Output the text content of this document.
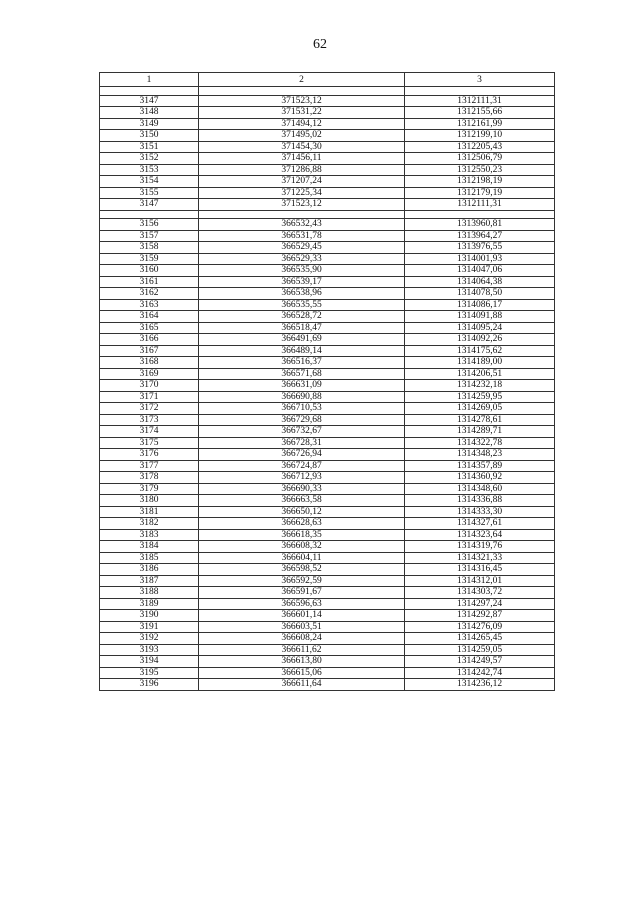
62
1	2	3

3147	371523,12	1312111,31
3148	371531,22	1312155,66
3149	371494,12	1312161,99
3150	371495,02	1312199,10
3151	371454,30	1312205,43
3152	371456,11	1312506,79
3153	371286,88	1312550,23
3154	371207,24	1312198,19
3155	371225,34	1312179,19
3147	371523,12	1312111,31

3156	366532,43	1313960,81
3157	366531,78	1313964,27
3158	366529,45	1313976,55
3159	366529,33	1314001,93
3160	366535,90	1314047,06
3161	366539,17	1314064,38
3162	366538,96	1314078,50
3163	366535,55	1314086,17
3164	366528,72	1314091,88
3165	366518,47	1314095,24
3166	366491,69	1314092,26
3167	366489,14	1314175,62
3168	366516,37	1314189,00
3169	366571,68	1314206,51
3170	366631,09	1314232,18
3171	366690,88	1314259,95
3172	366710,53	1314269,05
3173	366729,68	1314278,61
3174	366732,67	1314289,71
3175	366728,31	1314322,78
3176	366726,94	1314348,23
3177	366724,87	1314357,89
3178	366712,93	1314360,92
3179	366690,33	1314348,60
3180	366663,58	1314336,88
3181	366650,12	1314333,30
3182	366628,63	1314327,61
3183	366618,35	1314323,64
3184	366608,32	1314319,76
3185	366604,11	1314321,33
3186	366598,52	1314316,45
3187	366592,59	1314312,01
3188	366591,67	1314303,72
3189	366596,63	1314297,24
3190	366601,14	1314292,87
3191	366603,51	1314276,09
3192	366608,24	1314265,45
3193	366611,62	1314259,05
3194	366613,80	1314249,57
3195	366615,06	1314242,74
3196	366611,64	1314236,12
